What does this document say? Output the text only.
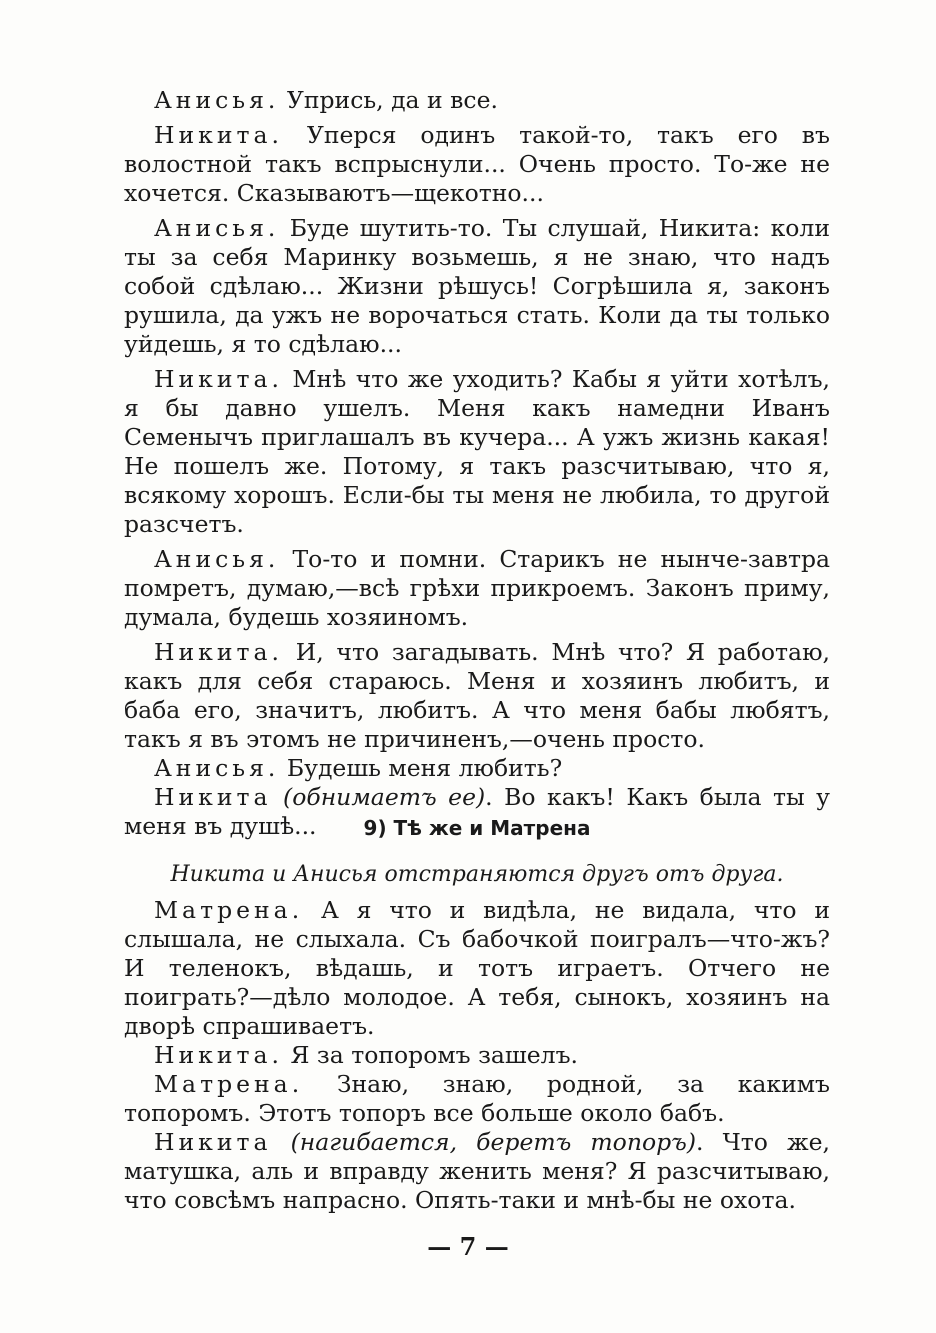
Анисья. Упрись, да и все.

Никита. Уперся одинъ такой-то, такъ его въ волостной такъ вспрыснули... Очень просто. То-же не хочется. Сказываютъ—щекотно...

Анисья. Буде шутить-то. Ты слушай, Никита: коли ты за себя Маринку возьмешь, я не знаю, что надъ собой сдѣлаю... Жизни рѣшусь! Согрѣшила я, законъ рушила, да ужъ не ворочаться стать. Коли да ты только уйдешь, я то сдѣлаю...

Никита. Мнѣ что же уходить? Кабы я уйти хотѣлъ, я бы давно ушелъ. Меня какъ намедни Иванъ Семенычъ приглашалъ въ кучера... А ужъ жизнь какая! Не пошелъ же. Потому, я такъ разсчитываю, что я, всякому хорошъ. Если-бы ты меня не любила, то другой разсчетъ.

Анисья. То-то и помни. Старикъ не нынче-завтра помретъ, думаю,—всѣ грѣхи прикроемъ. Законъ приму, думала, будешь хозяиномъ.

Никита. И, что загадывать. Мнѣ что? Я работаю, какъ для себя стараюсь. Меня и хозяинъ любитъ, и баба его, значитъ, любитъ. А что меня бабы любятъ, такъ я въ этомъ не причиненъ,—очень просто.

Анисья. Будешь меня любить?

Никита (обнимаетъ ее). Во какъ! Какъ была ты у меня въ душѣ...	9) Тѣ же и Матрена
Никита и Анисья отстраняются другъ отъ друга.

Матрена. А я что и видѣла, не видала, что и слышала, не слыхала. Съ бабочкой поигралъ—что-жъ? И теленокъ, вѣдашь, и тотъ играетъ. Отчего не поиграть?—дѣло молодое. А тебя, сынокъ, хозяинъ на дворѣ спрашиваетъ.

Никита. Я за топоромъ зашелъ.

Матрена. Знаю, знаю, родной, за какимъ топоромъ. Этотъ топоръ все больше около бабъ.

Никита (нагибается, беретъ топоръ). Что же, матушка, аль и вправду женить меня? Я разсчитываю, что совсѣмъ напрасно. Опять-таки и мнѣ-бы не охота.

— 7 —
